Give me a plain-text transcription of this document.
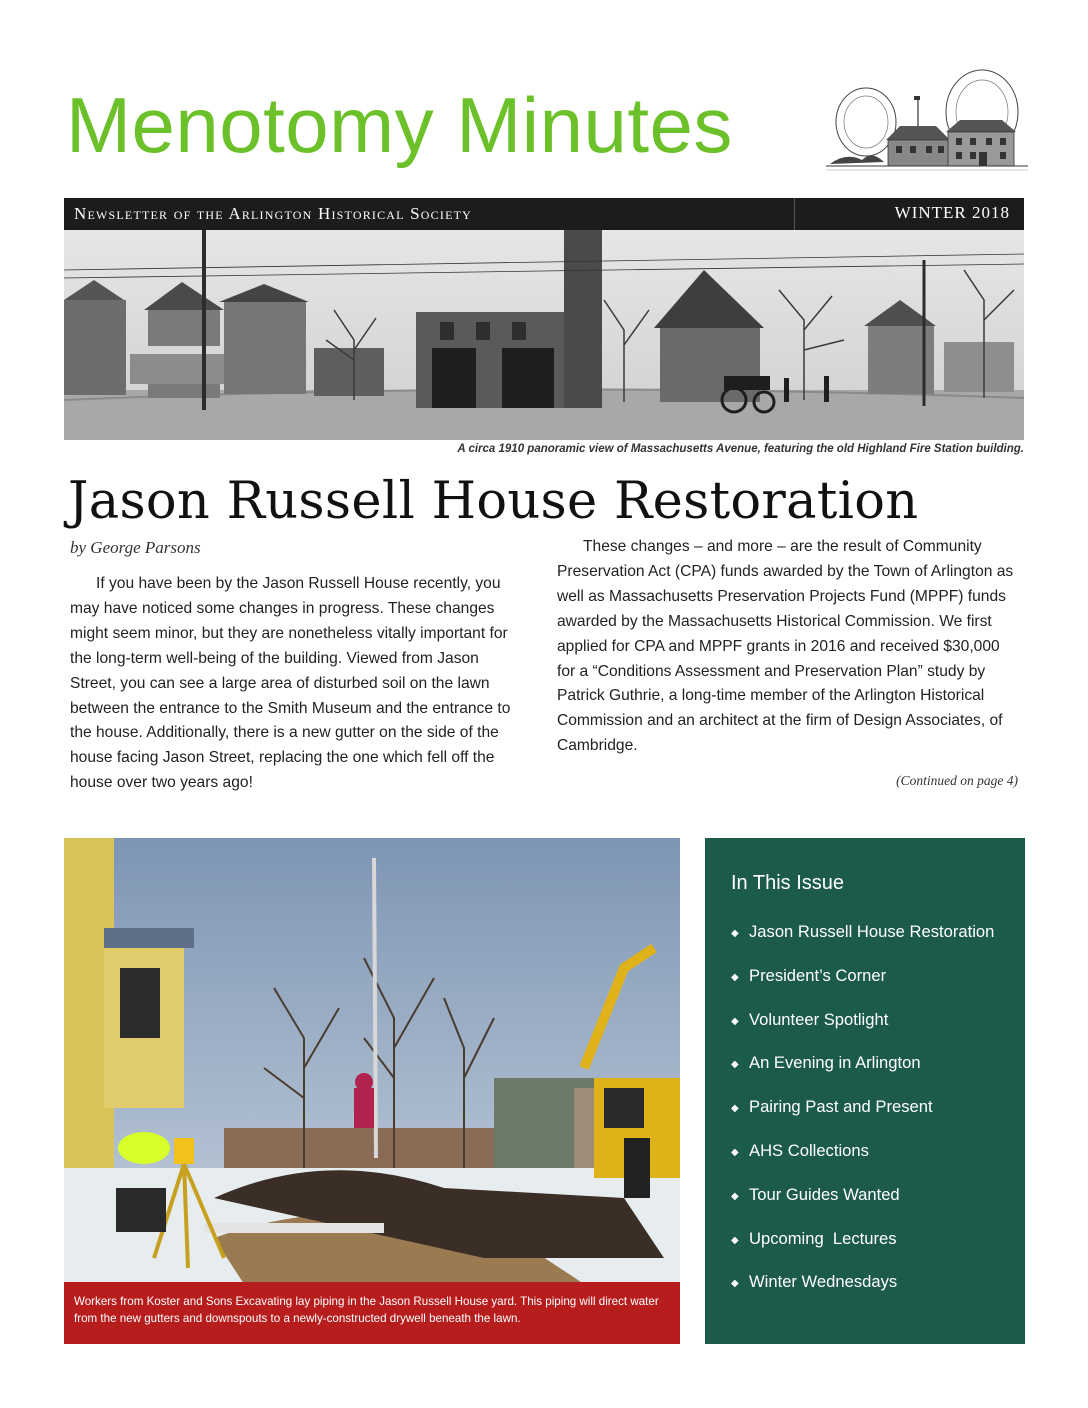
Menotomy Minutes
Newsletter of the Arlington Historical Society	WINTER 2018
A circa 1910 panoramic view of Massachusetts Avenue, featuring the old Highland Fire Station building.
Jason Russell House Restoration
by George Parsons

If you have been by the Jason Russell House recently, you may have noticed some changes in progress. These changes might seem minor, but they are nonetheless vitally important for the long-term well-being of the building. Viewed from Jason Street, you can see a large area of disturbed soil on the lawn between the entrance to the Smith Museum and the entrance to the house. Additionally, there is a new gutter on the side of the house facing Jason Street, replacing the one which fell off the house over two years ago!

These changes – and more – are the result of Community Preservation Act (CPA) funds awarded by the Town of Arlington as well as Massachusetts Preservation Projects Fund (MPPF) funds awarded by the Massachusetts Historical Commission. We first applied for CPA and MPPF grants in 2016 and received $30,000 for a “Conditions Assessment and Preservation Plan” study by Patrick Guthrie, a long-time member of the Arlington Historical Commission and an architect at the firm of Design Associates, of Cambridge.

(Continued on page 4)
Workers from Koster and Sons Excavating lay piping in the Jason Russell House yard. This piping will direct water from the new gutters and downspouts to a newly-constructed drywell beneath the lawn.
In This Issue
◆ Jason Russell House Restoration
◆ President’s Corner
◆ Volunteer Spotlight
◆ An Evening in Arlington
◆ Pairing Past and Present
◆ AHS Collections
◆ Tour Guides Wanted
◆ Upcoming  Lectures
◆ Winter Wednesdays
